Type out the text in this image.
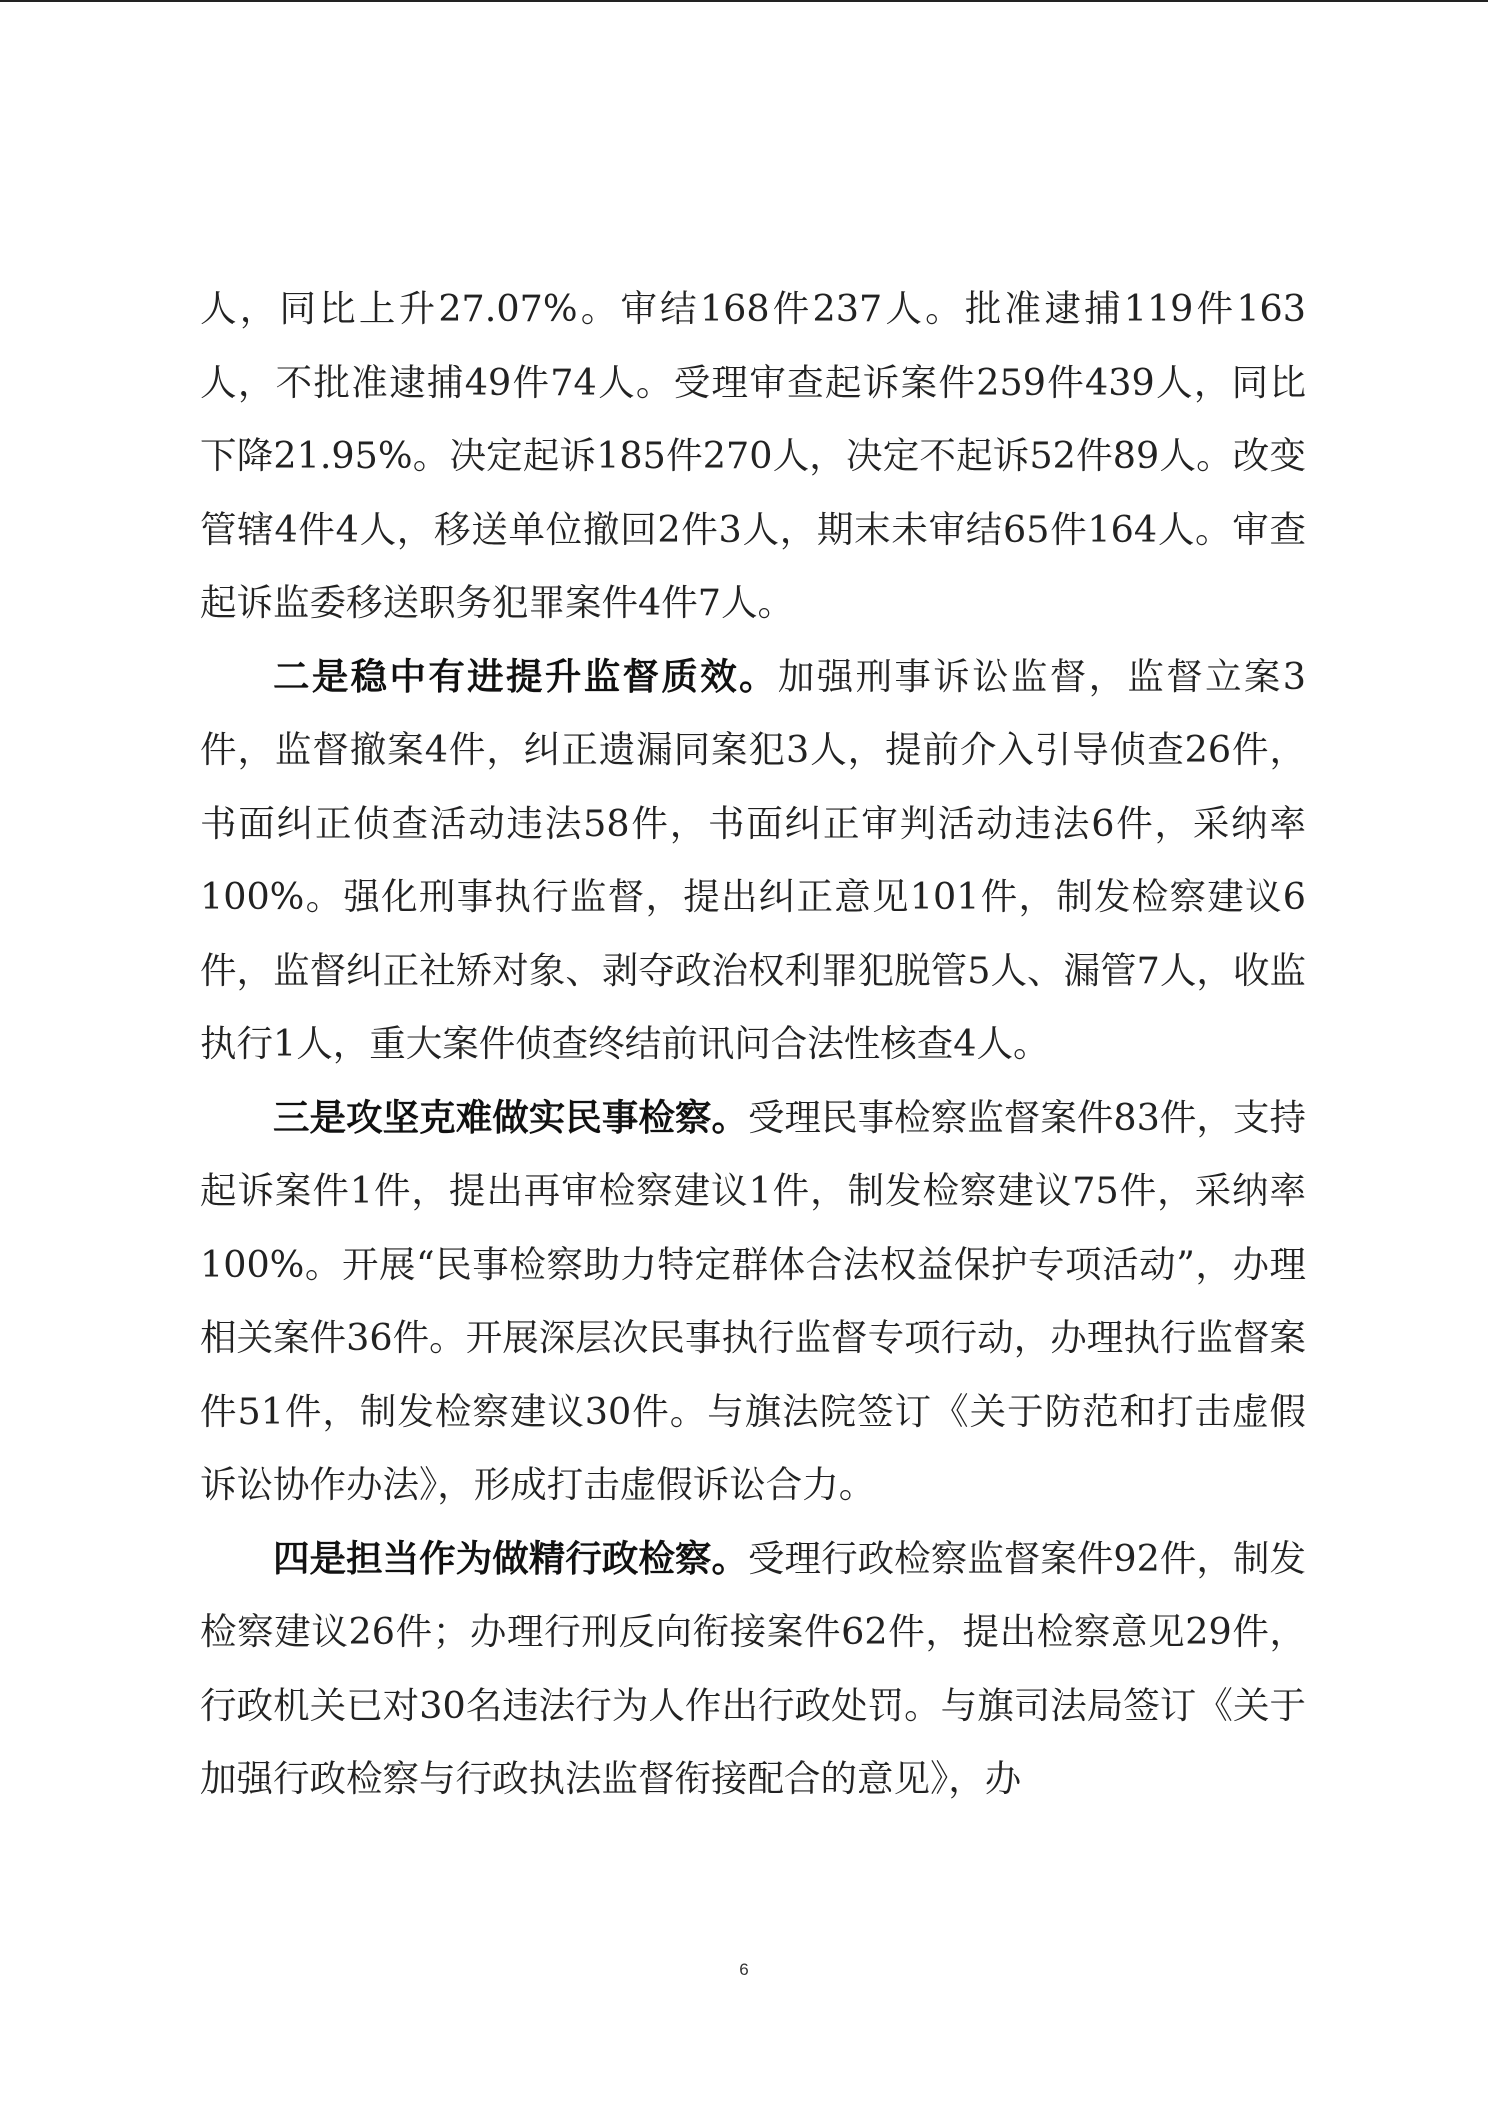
人，同比上升27.07%。审结168件237人。批准逮捕119件163人，不批准逮捕49件74人。受理审查起诉案件259件439人，同比下降21.95%。决定起诉185件270人，决定不起诉52件89人。改变管辖4件4人，移送单位撤回2件3人，期末未审结65件164人。审查起诉监委移送职务犯罪案件4件7人。

二是稳中有进提升监督质效。加强刑事诉讼监督，监督立案3件，监督撤案4件，纠正遗漏同案犯3人，提前介入引导侦查26件，书面纠正侦查活动违法58件，书面纠正审判活动违法6件，采纳率100%。强化刑事执行监督，提出纠正意见101件，制发检察建议6件，监督纠正社矫对象、剥夺政治权利罪犯脱管5人、漏管7人，收监执行1人，重大案件侦查终结前讯问合法性核查4人。

三是攻坚克难做实民事检察。受理民事检察监督案件83件，支持起诉案件1件，提出再审检察建议1件，制发检察建议75件，采纳率100%。开展“民事检察助力特定群体合法权益保护专项活动”，办理相关案件36件。开展深层次民事执行监督专项行动，办理执行监督案件51件，制发检察建议30件。与旗法院签订《关于防范和打击虚假诉讼协作办法》，形成打击虚假诉讼合力。

四是担当作为做精行政检察。受理行政检察监督案件92件，制发检察建议26件；办理行刑反向衔接案件62件，提出检察意见29件，行政机关已对30名违法行为人作出行政处罚。与旗司法局签订《关于加强行政检察与行政执法监督衔接配合的意见》，办

6
